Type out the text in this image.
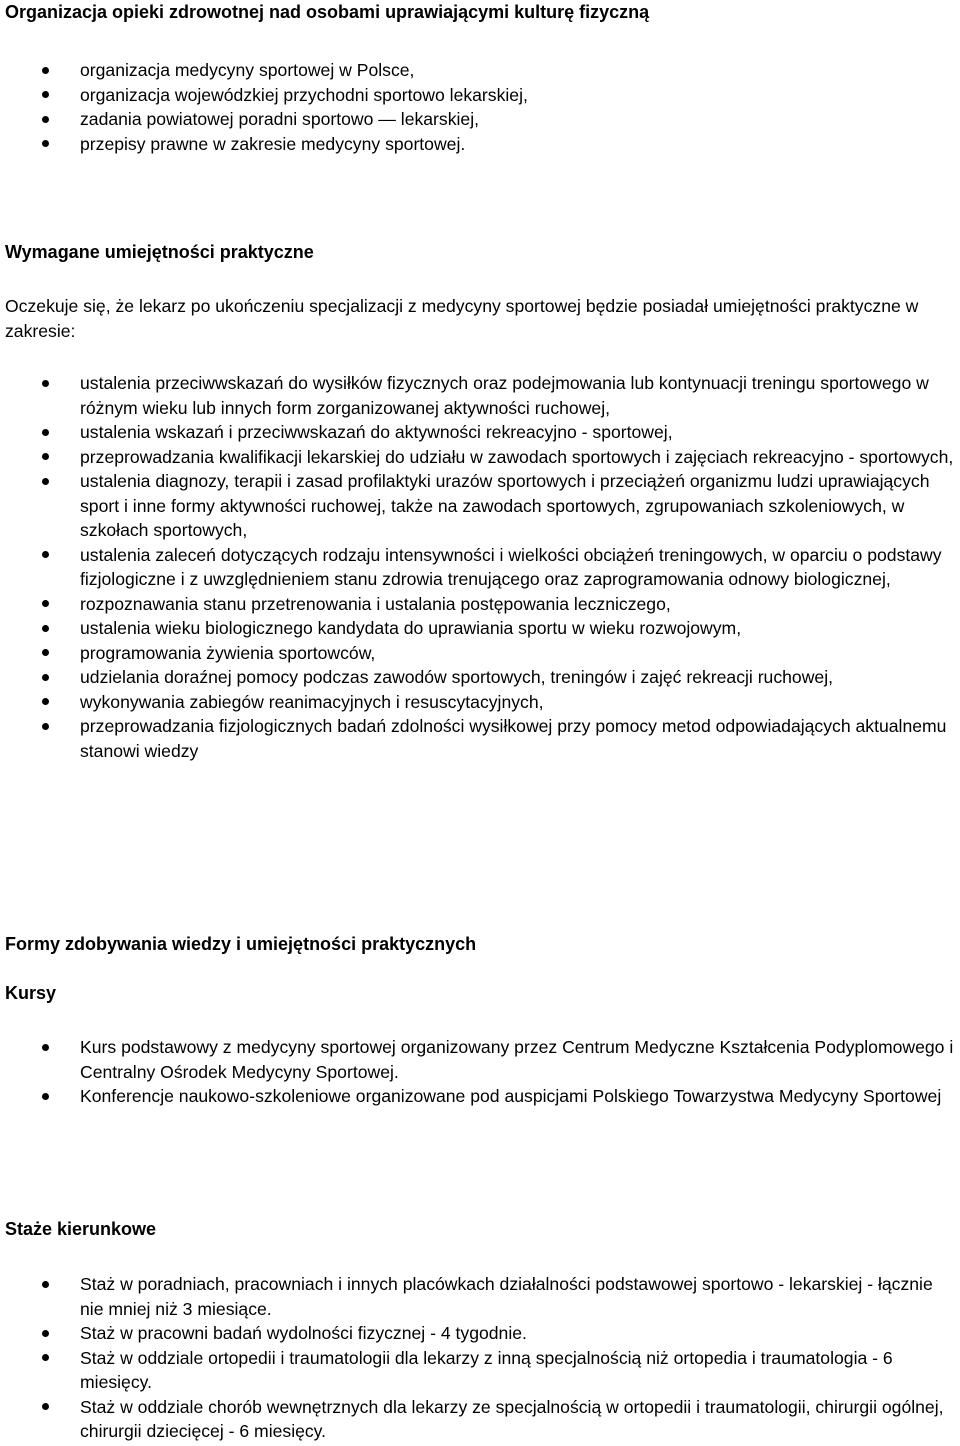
Organizacja opieki zdrowotnej nad osobami uprawiającymi kulturę fizyczną
organizacja medycyny sportowej w Polsce,
organizacja wojewódzkiej przychodni sportowo lekarskiej,
zadania powiatowej poradni sportowo — lekarskiej,
przepisy prawne w zakresie medycyny sportowej.
Wymagane umiejętności praktyczne

Oczekuje się, że lekarz po ukończeniu specjalizacji z medycyny sportowej będzie posiadał umiejętności praktyczne w zakresie:

ustalenia przeciwwskazań do wysiłków fizycznych oraz podejmowania lub kontynuacji treningu sportowego w różnym wieku lub innych form zorganizowanej aktywności ruchowej,
ustalenia wskazań i przeciwwskazań do aktywności rekreacyjno - sportowej,
przeprowadzania kwalifikacji lekarskiej do udziału w zawodach sportowych i zajęciach rekreacyjno - sportowych,
ustalenia diagnozy, terapii i zasad profilaktyki urazów sportowych i przeciążeń organizmu ludzi uprawiających sport i inne formy aktywności ruchowej, także na zawodach sportowych, zgrupowaniach szkoleniowych, w szkołach sportowych,
ustalenia zaleceń dotyczących rodzaju intensywności i wielkości obciążeń treningowych, w oparciu o podstawy fizjologiczne i z uwzględnieniem stanu zdrowia trenującego oraz zaprogramowania odnowy biologicznej,
rozpoznawania stanu przetrenowania i ustalania postępowania leczniczego,
ustalenia wieku biologicznego kandydata do uprawiania sportu w wieku rozwojowym,
programowania żywienia sportowców,
udzielania doraźnej pomocy podczas zawodów sportowych, treningów i zajęć rekreacji ruchowej,
wykonywania zabiegów reanimacyjnych i resuscytacyjnych,
przeprowadzania fizjologicznych badań zdolności wysiłkowej przy pomocy metod odpowiadających aktualnemu stanowi wiedzy
Formy zdobywania wiedzy i umiejętności praktycznych
Kursy
Kurs podstawowy z medycyny sportowej organizowany przez Centrum Medyczne Kształcenia Podyplomowego i Centralny Ośrodek Medycyny Sportowej.
Konferencje naukowo-szkoleniowe organizowane pod auspicjami Polskiego Towarzystwa Medycyny Sportowej
Staże kierunkowe
Staż w poradniach, pracowniach i innych placówkach działalności podstawowej sportowo - lekarskiej - łącznie nie mniej niż 3 miesiące.
Staż w pracowni badań wydolności fizycznej - 4 tygodnie.
Staż w oddziale ortopedii i traumatologii dla lekarzy z inną specjalnością niż ortopedia i traumatologia - 6 miesięcy.
Staż w oddziale chorób wewnętrznych dla lekarzy ze specjalnością w ortopedii i traumatologii, chirurgii ogólnej, chirurgii dziecięcej - 6 miesięcy.
